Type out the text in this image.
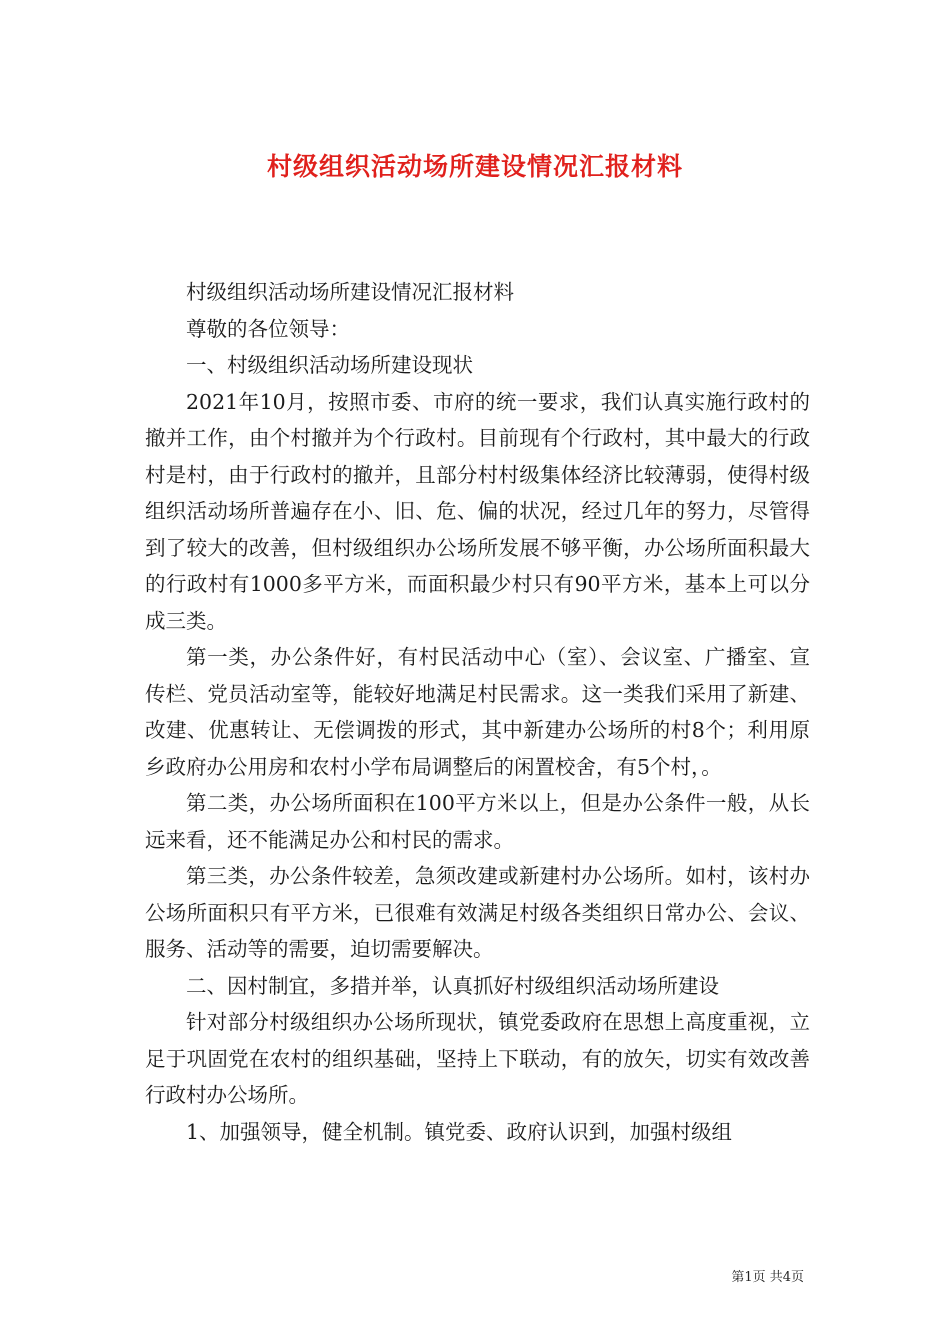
村级组织活动场所建设情况汇报材料

村级组织活动场所建设情况汇报材料

尊敬的各位领导：

一、村级组织活动场所建设现状

2021年10月，按照市委、市府的统一要求，我们认真实施行政村的撤并工作，由个村撤并为个行政村。目前现有个行政村，其中最大的行政村是村，由于行政村的撤并，且部分村村级集体经济比较薄弱，使得村级组织活动场所普遍存在小、旧、危、偏的状况，经过几年的努力，尽管得到了较大的改善，但村级组织办公场所发展不够平衡，办公场所面积最大的行政村有1000多平方米，而面积最少村只有90平方米，基本上可以分成三类。

第一类，办公条件好，有村民活动中心（室）、会议室、广播室、宣传栏、党员活动室等，能较好地满足村民需求。这一类我们采用了新建、改建、优惠转让、无偿调拨的形式，其中新建办公场所的村8个；利用原乡政府办公用房和农村小学布局调整后的闲置校舍，有5个村，。

第二类，办公场所面积在100平方米以上，但是办公条件一般，从长远来看，还不能满足办公和村民的需求。

第三类，办公条件较差，急须改建或新建村办公场所。如村，该村办公场所面积只有平方米，已很难有效满足村级各类组织日常办公、会议、服务、活动等的需要，迫切需要解决。

二、因村制宜，多措并举，认真抓好村级组织活动场所建设

针对部分村级组织办公场所现状，镇党委政府在思想上高度重视，立足于巩固党在农村的组织基础，坚持上下联动，有的放矢，切实有效改善行政村办公场所。

1、加强领导，健全机制。镇党委、政府认识到，加强村级组

第1页 共4页
